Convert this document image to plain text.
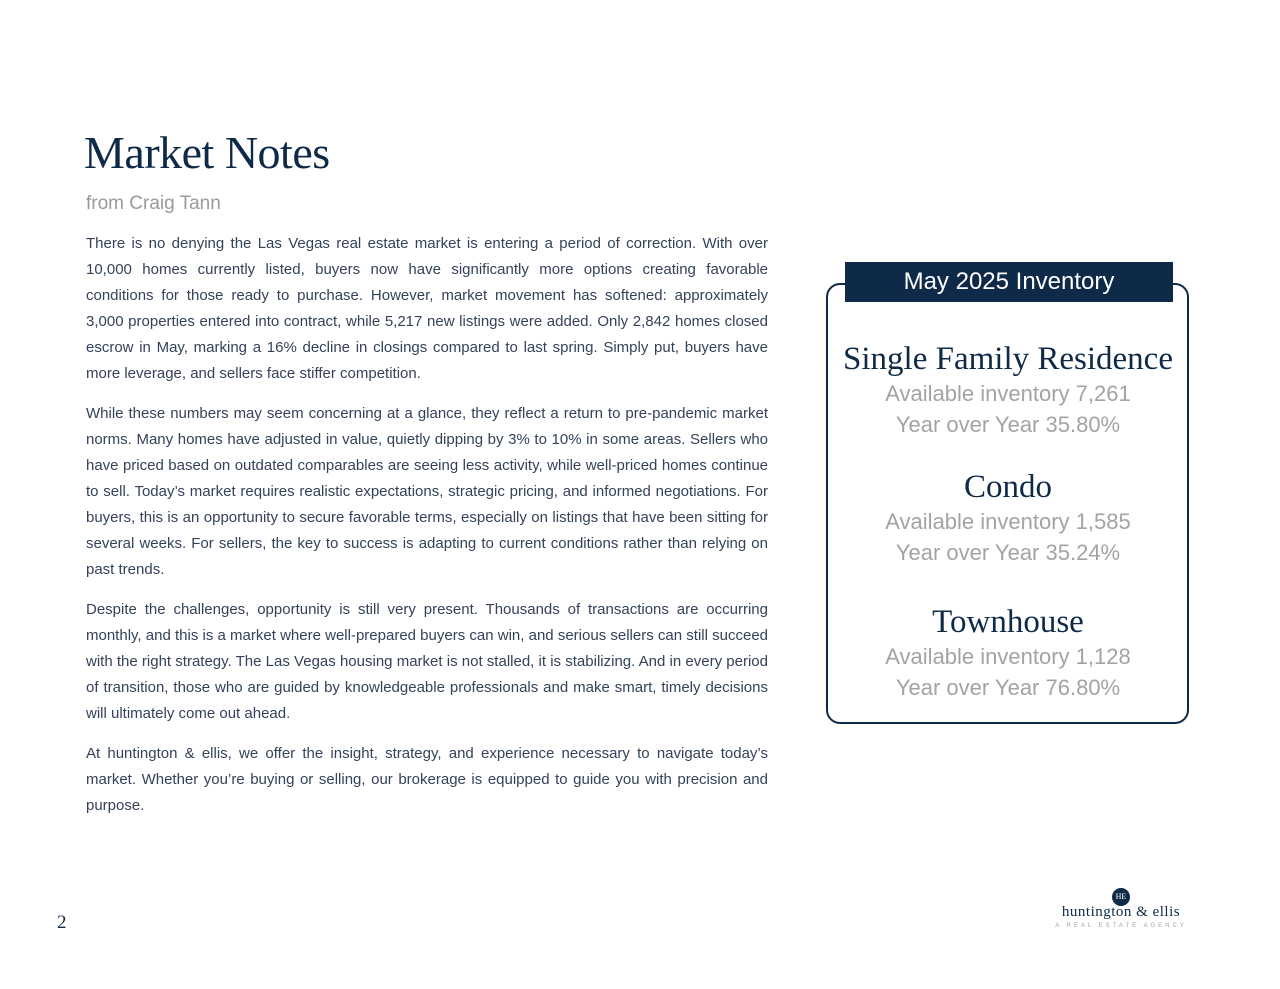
Market Notes
from Craig Tann

There is no denying the Las Vegas real estate market is entering a period of correction. With over 10,000 homes currently listed, buyers now have significantly more options creating favorable conditions for those ready to purchase. However, market movement has softened: approximately 3,000 properties entered into contract, while 5,217 new listings were added. Only 2,842 homes closed escrow in May, marking a 16% decline in closings compared to last spring. Simply put, buyers have more leverage, and sellers face stiffer competition.

While these numbers may seem concerning at a glance, they reflect a return to pre-pandemic market norms. Many homes have adjusted in value, quietly dipping by 3% to 10% in some areas. Sellers who have priced based on outdated comparables are seeing less activity, while well-priced homes continue to sell. Today’s market requires realistic expectations, strategic pricing, and informed negotiations. For buyers, this is an opportunity to secure favorable terms, especially on listings that have been sitting for several weeks. For sellers, the key to success is adapting to current conditions rather than relying on past trends.

Despite the challenges, opportunity is still very present. Thousands of transactions are occurring monthly, and this is a market where well-prepared buyers can win, and serious sellers can still succeed with the right strategy. The Las Vegas housing market is not stalled, it is stabilizing. And in every period of transition, those who are guided by knowledgeable professionals and make smart, timely decisions will ultimately come out ahead.

At huntington & ellis, we offer the insight, strategy, and experience necessary to navigate today’s market. Whether you’re buying or selling, our brokerage is equipped to guide you with precision and purpose.

May 2025 Inventory
Single Family Residence
Available inventory 7,261
Year over Year 35.80%
Condo
Available inventory 1,585
Year over Year 35.24%
Townhouse
Available inventory 1,128
Year over Year 76.80%
2
HE
huntington & ellis
A REAL ESTATE AGENCY
